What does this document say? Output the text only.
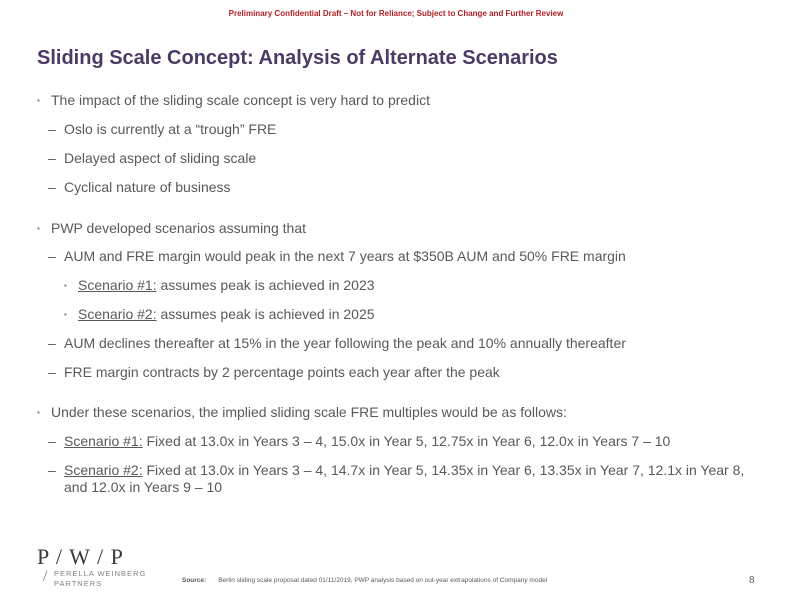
Preliminary Confidential Draft – Not for Reliance; Subject to Change and Further Review
Sliding Scale Concept: Analysis of Alternate Scenarios
▪ The impact of the sliding scale concept is very hard to predict
– Oslo is currently at a “trough” FRE
– Delayed aspect of sliding scale
– Cyclical nature of business
▪ PWP developed scenarios assuming that
– AUM and FRE margin would peak in the next 7 years at $350B AUM and 50% FRE margin
▪ Scenario #1: assumes peak is achieved in 2023
▪ Scenario #2: assumes peak is achieved in 2025
– AUM declines thereafter at 15% in the year following the peak and 10% annually thereafter
– FRE margin contracts by 2 percentage points each year after the peak
▪ Under these scenarios, the implied sliding scale FRE multiples would be as follows:
– Scenario #1: Fixed at 13.0x in Years 3 – 4, 15.0x in Year 5, 12.75x in Year 6, 12.0x in Years 7 – 10
– Scenario #2: Fixed at 13.0x in Years 3 – 4, 14.7x in Year 5, 14.35x in Year 6, 13.35x in Year 7, 12.1x in Year 8,
and 12.0x in Years 9 – 10
P / W / P
/ PERELLA WEINBERG
PARTNERS	Source: Berlin sliding scale proposal dated 01/11/2019, PWP analysis based on out-year extrapolations of Company model	8
